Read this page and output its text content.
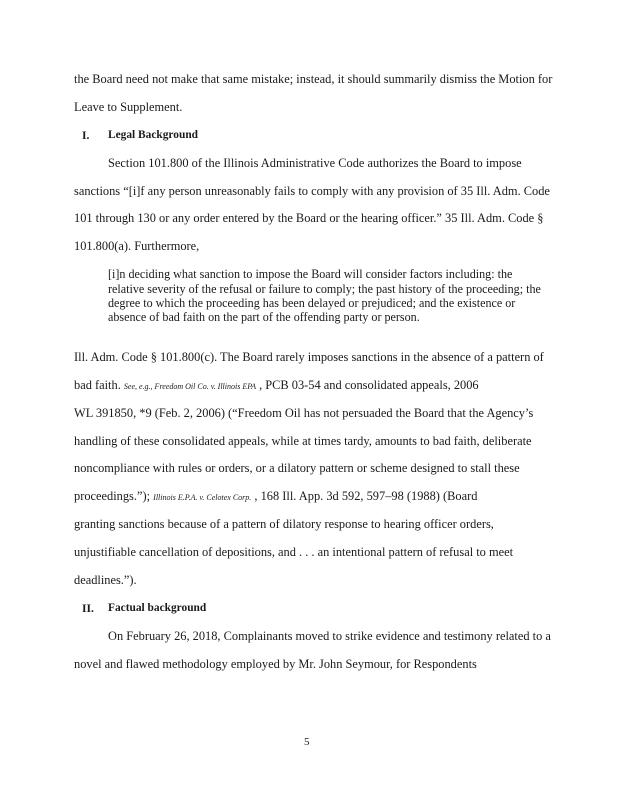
the Board need not make that same mistake; instead, it should summarily dismiss the Motion for
Leave to Supplement.
I. Legal Background
Section 101.800 of the Illinois Administrative Code authorizes the Board to impose
sanctions “[i]f any person unreasonably fails to comply with any provision of 35 Ill. Adm. Code
101 through 130 or any order entered by the Board or the hearing officer.” 35 Ill. Adm. Code §
101.800(a). Furthermore,
[i]n deciding what sanction to impose the Board will consider factors including: the
relative severity of the refusal or failure to comply; the past history of the proceeding; the
degree to which the proceeding has been delayed or prejudiced; and the existence or
absence of bad faith on the part of the offending party or person.
Ill. Adm. Code § 101.800(c). The Board rarely imposes sanctions in the absence of a pattern of
bad faith. See, e.g., Freedom Oil Co. v. Illinois EPA , PCB 03-54 and consolidated appeals, 2006
WL 391850, *9 (Feb. 2, 2006) (“Freedom Oil has not persuaded the Board that the Agency’s
handling of these consolidated appeals, while at times tardy, amounts to bad faith, deliberate
noncompliance with rules or orders, or a dilatory pattern or scheme designed to stall these
proceedings.”); Illinois E.P.A. v. Celotex Corp. , 168 Ill. App. 3d 592, 597–98 (1988) (Board
granting sanctions because of a pattern of dilatory response to hearing officer orders,
unjustifiable cancellation of depositions, and . . . an intentional pattern of refusal to meet
deadlines.”).
II. Factual background
On February 26, 2018, Complainants moved to strike evidence and testimony related to a
novel and flawed methodology employed by Mr. John Seymour, for Respondents
5
